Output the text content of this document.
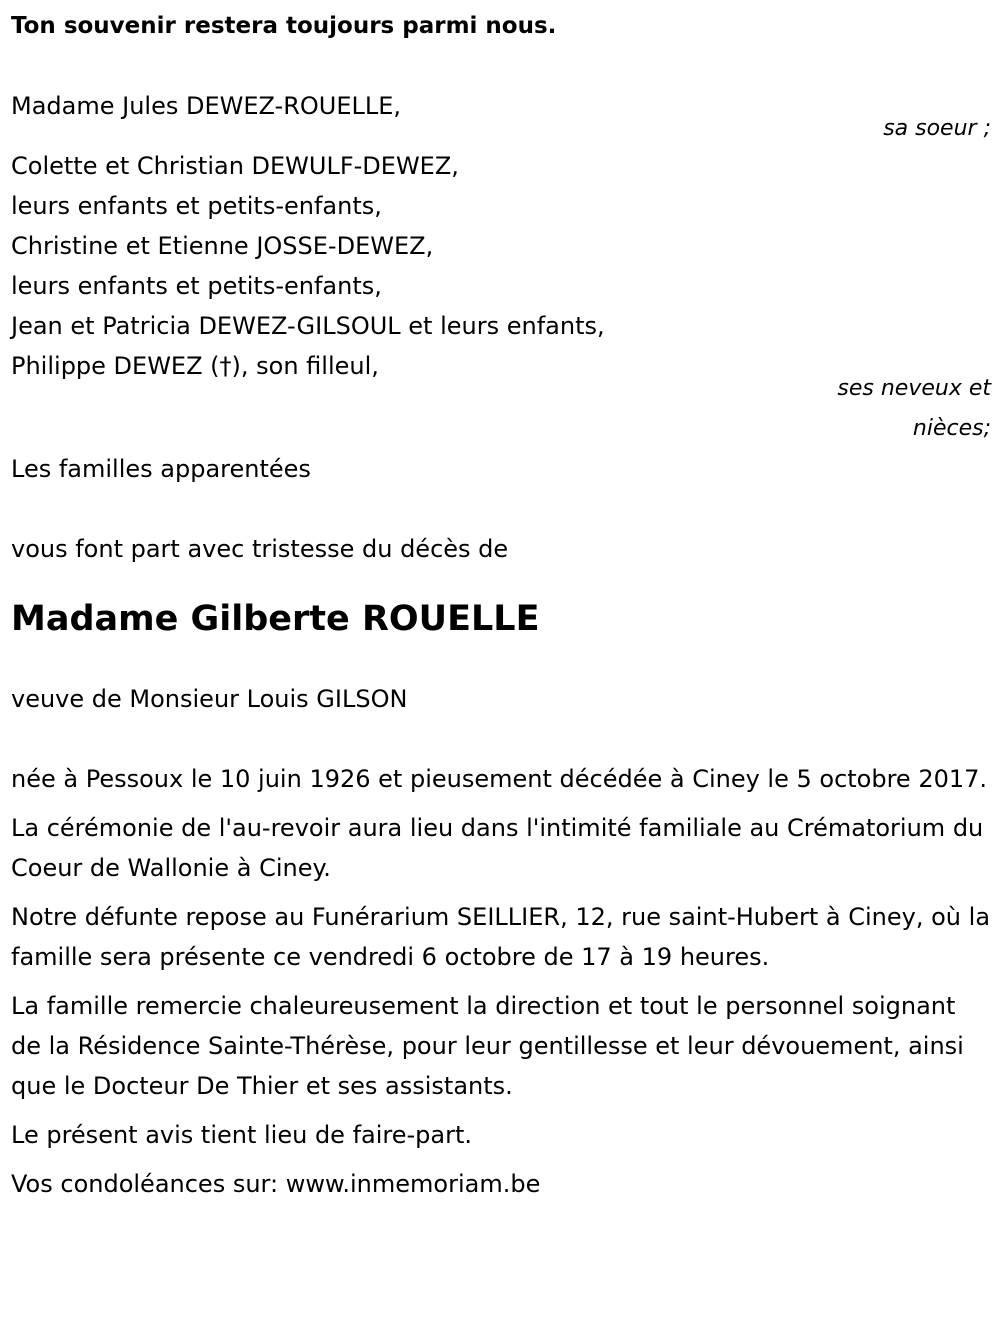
Ton souvenir restera toujours parmi nous.

Madame Jules DEWEZ-ROUELLE,
sa soeur ;
Colette et Christian DEWULF-DEWEZ,
leurs enfants et petits-enfants,
Christine et Etienne JOSSE-DEWEZ,
leurs enfants et petits-enfants,
Jean et Patricia DEWEZ-GILSOUL et leurs enfants,
Philippe DEWEZ (†), son filleul,
ses neveux et
nièces;
Les familles apparentées
vous font part avec tristesse du décès de
Madame Gilberte ROUELLE
veuve de Monsieur Louis GILSON

née à Pessoux le 10 juin 1926 et pieusement décédée à Ciney le 5 octobre 2017.

La cérémonie de l'au-revoir aura lieu dans l'intimité familiale au Crématorium du Coeur de Wallonie à Ciney.

Notre défunte repose au Funérarium SEILLIER, 12, rue saint-Hubert à Ciney, où la famille sera présente ce vendredi 6 octobre de 17 à 19 heures.

La famille remercie chaleureusement la direction et tout le personnel soignant de la Résidence Sainte-Thérèse, pour leur gentillesse et leur dévouement, ainsi que le Docteur De Thier et ses assistants.

Le présent avis tient lieu de faire-part.

Vos condoléances sur: www.inmemoriam.be
